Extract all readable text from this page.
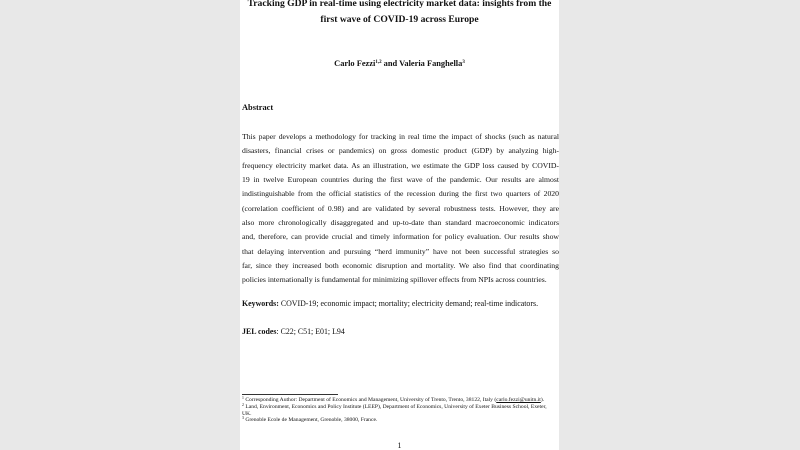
Tracking GDP in real-time using electricity market data: insights from the
first wave of COVID-19 across Europe
Carlo Fezzi$^{1,2}$ and Valeria Fanghella$^3$
Abstract
This paper develops a methodology for tracking in real time the impact of shocks (such as natural
disasters, financial crises or pandemics) on gross domestic product (GDP) by analyzing high-
frequency electricity market data. As an illustration, we estimate the GDP loss caused by COVID-
19 in twelve European countries during the first wave of the pandemic. Our results are almost
indistinguishable from the official statistics of the recession during the first two quarters of 2020
(correlation coefficient of 0.98) and are validated by several robustness tests. However, they are
also more chronologically disaggregated and up-to-date than standard macroeconomic indicators
and, therefore, can provide crucial and timely information for policy evaluation. Our results show
that delaying intervention and pursuing “herd immunity” have not been successful strategies so
far, since they increased both economic disruption and mortality. We also find that coordinating
policies internationally is fundamental for minimizing spillover effects from NPIs across countries.
Keywords: COVID-19; economic impact; mortality; electricity demand; real-time indicators.
JEL codes: C22; C51; E01; L94
$^1$ Corresponding Author: Department of Economics and Management, University of Trento, Trento, 38122, Italy (carlo.fezzi@unitn.it).
$^2$ Land, Environment, Economics and Policy Institute (LEEP), Department of Economics, University of Exeter Business School, Exeter, UK.
$^3$ Grenoble Ecole de Management, Grenoble, 38000, France.
1
